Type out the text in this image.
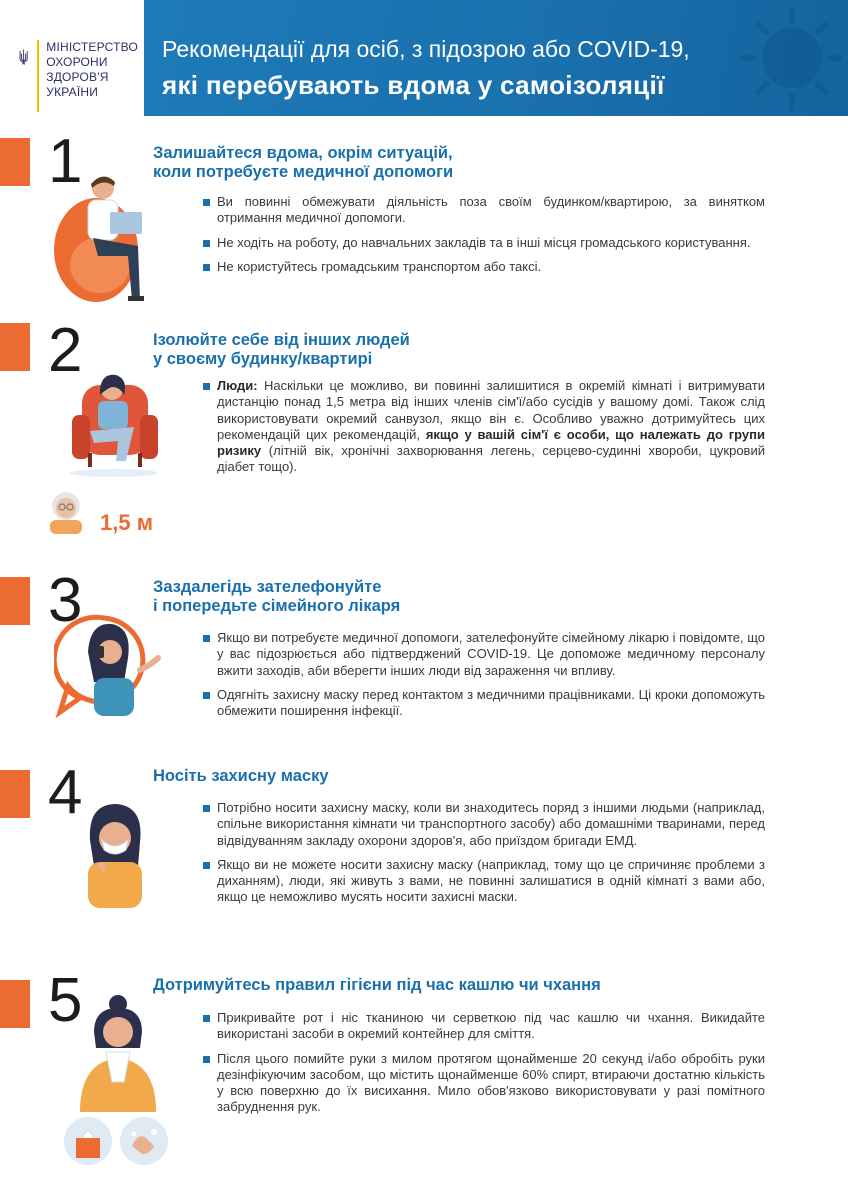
МІНІСТЕРСТВО
ОХОРОНИ
ЗДОРОВ'Я
УКРАЇНИ
Рекомендації для осіб, з підозрою або COVID-19,
які перебувають вдома у самоізоляції
1	Залишайтеся вдома, окрім ситуацій,
коли потребуєте медичної допомоги
Ви повинні обмежувати діяльність поза своїм будинком/квартирою, за винятком отримання медичної допомоги.
Не ходіть на роботу, до навчальних закладів та в інші місця громадського користування.
Не користуйтесь громадським транспортом або таксі.
2	Ізолюйте себе від інших людей
у своєму будинку/квартирі
1,5 м
Люди: Наскільки це можливо, ви повинні залишитися в окремій кімнаті і витримувати дистанцію понад 1,5 метра від інших членів сім'ї/або сусідів у вашому домі. Також слід використовувати окремий санвузол, якщо він є. Особливо уважно дотримуйтесь цих рекомендацій цих рекомендацій, якщо у вашій сім'ї є особи, що належать до групи ризику (літній вік, хронічні захворювання легень, серцево-судинні хвороби, цукровий діабет тощо).
3	Заздалегідь зателефонуйте
і попередьте сімейного лікаря
Якщо ви потребуєте медичної допомоги, зателефонуйте сімейному лікарю і повідомте, що у вас підозрюється або підтверджений COVID-19. Це допоможе медичному персоналу вжити заходів, аби вберегти інших люди від зараження чи впливу.
Одягніть захисну маску перед контактом з медичними працівниками. Ці кроки допоможуть обмежити поширення інфекції.
4	Носіть захисну маску
Потрібно носити захисну маску, коли ви знаходитесь поряд з іншими людьми (наприклад, спільне використання кімнати чи транспортного засобу) або домашніми тваринами, перед відвідуванням закладу охорони здоров'я, або приїздом бригади ЕМД.
Якщо ви не можете носити захисну маску (наприклад, тому що це спричиняє проблеми з диханням), люди, які живуть з вами, не повинні залишатися в одній кімнаті з вами або, якщо це неможливо мусять носити захисні маски.
5	Дотримуйтесь правил гігієни під час кашлю чи чхання
Прикривайте рот і ніс тканиною чи серветкою під час кашлю чи чхання. Викидайте використані засоби в окремий контейнер для сміття.
Після цього помийте руки з милом протягом щонайменше 20 секунд і/або обробіть руки дезінфікуючим засобом, що містить щонайменше 60% спирт, втираючи достатню кількість у всю поверхню до їх висихання. Мило обов'язково використовувати у разі помітного забруднення рук.
